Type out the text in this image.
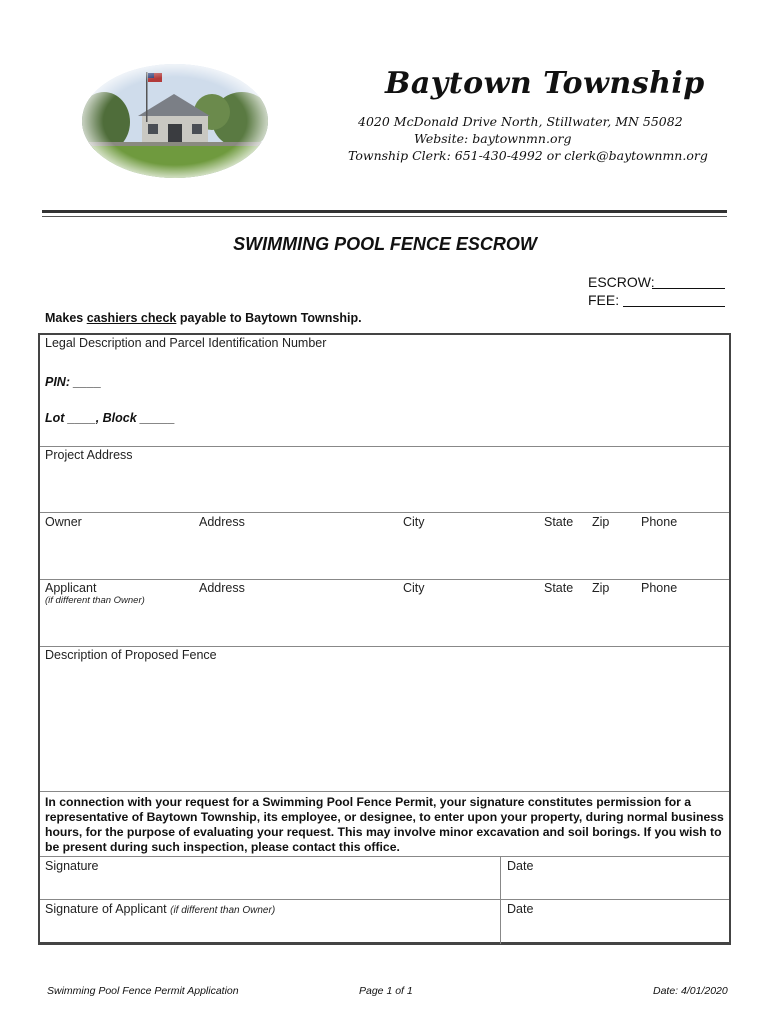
Baytown Township
4020 McDonald Drive North, Stillwater, MN 55082
Website: baytownmn.org
Township Clerk: 651-430-4992 or clerk@baytownmn.org
SWIMMING POOL FENCE ESCROW
ESCROW:
FEE:
Makes cashiers check payable to Baytown Township.
Legal Description and Parcel Identification Number
PIN: ____
Lot ____, Block _____
Project Address
Owner	Address	City	State Zip	Phone
Applicant
(if different than Owner)
Address	City	State Zip	Phone
Description of Proposed Fence
In connection with your request for a Swimming Pool Fence Permit, your signature constitutes permission for a representative of Baytown Township, its employee, or designee, to enter upon your property, during normal business hours, for the purpose of evaluating your request. This may involve minor excavation and soil borings. If you wish to be present during such inspection, please contact this office.
Signature	Date
Signature of Applicant (if different than Owner)	Date
Swimming Pool Fence Permit Application	Page 1 of 1	Date: 4/01/2020
